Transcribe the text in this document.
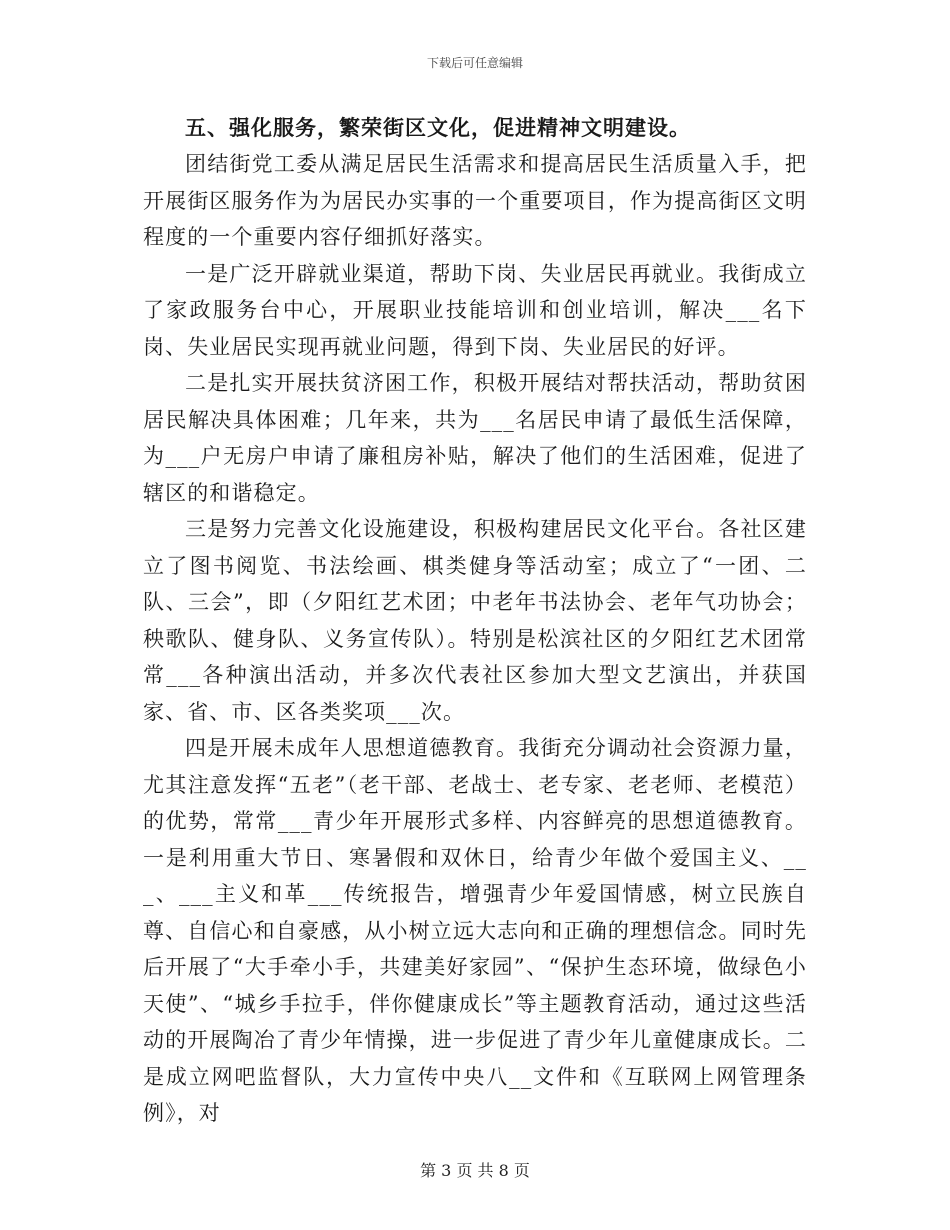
下载后可任意编辑
五、强化服务，繁荣街区文化，促进精神文明建设。

团结街党工委从满足居民生活需求和提高居民生活质量入手，把开展街区服务作为为居民办实事的一个重要项目，作为提高街区文明程度的一个重要内容仔细抓好落实。

一是广泛开辟就业渠道，帮助下岗、失业居民再就业。我街成立了家政服务台中心，开展职业技能培训和创业培训，解决___名下岗、失业居民实现再就业问题，得到下岗、失业居民的好评。

二是扎实开展扶贫济困工作，积极开展结对帮扶活动，帮助贫困居民解决具体困难；几年来，共为___名居民申请了最低生活保障，为___户无房户申请了廉租房补贴，解决了他们的生活困难，促进了辖区的和谐稳定。

三是努力完善文化设施建设，积极构建居民文化平台。各社区建立了图书阅览、书法绘画、棋类健身等活动室；成立了“一团、二队、三会”，即（夕阳红艺术团；中老年书法协会、老年气功协会；秧歌队、健身队、义务宣传队）。特别是松滨社区的夕阳红艺术团常常___各种演出活动，并多次代表社区参加大型文艺演出，并获国家、省、市、区各类奖项___次。

四是开展未成年人思想道德教育。我街充分调动社会资源力量，尤其注意发挥“五老”（老干部、老战士、老专家、老老师、老模范）的优势，常常___青少年开展形式多样、内容鲜亮的思想道德教育。一是利用重大节日、寒暑假和双休日，给青少年做个爱国主义、___、___主义和革___传统报告，增强青少年爱国情感，树立民族自尊、自信心和自豪感，从小树立远大志向和正确的理想信念。同时先后开展了“大手牵小手，共建美好家园”、“保护生态环境，做绿色小天使”、“城乡手拉手，伴你健康成长”等主题教育活动，通过这些活动的开展陶冶了青少年情操，进一步促进了青少年儿童健康成长。二是成立网吧监督队，大力宣传中央八__文件和《互联网上网管理条例》，对

第 3 页 共 8 页
